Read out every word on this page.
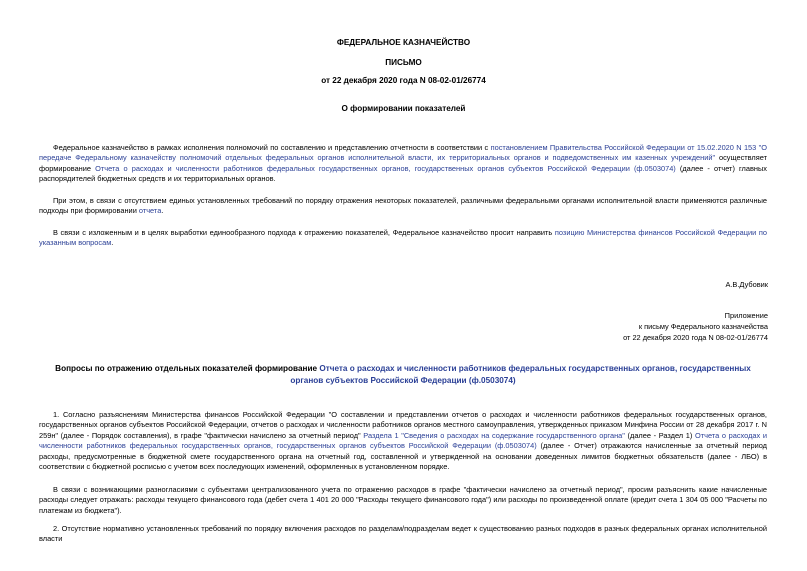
ФЕДЕРАЛЬНОЕ КАЗНАЧЕЙСТВО
ПИСЬМО
от 22 декабря 2020 года N 08-02-01/26774
О формировании показателей
Федеральное казначейство в рамках исполнения полномочий по составлению и представлению отчетности в соответствии с постановлением Правительства Российской Федерации от 15.02.2020 N 153 "О передаче Федеральному казначейству полномочий отдельных федеральных органов исполнительной власти, их территориальных органов и подведомственных им казенных учреждений" осуществляет формирование Отчета о расходах и численности работников федеральных государственных органов, государственных органов субъектов Российской Федерации (ф.0503074) (далее - отчет) главных распорядителей бюджетных средств и их территориальных органов.
При этом, в связи с отсутствием единых установленных требований по порядку отражения некоторых показателей, различными федеральными органами исполнительной власти применяются различные подходы при формировании отчета.
В связи с изложенным и в целях выработки единообразного подхода к отражению показателей, Федеральное казначейство просит направить позицию Министерства финансов Российской Федерации по указанным вопросам.
А.В.Дубовик
Приложение
к письму Федерального казначейства
от 22 декабря 2020 года N 08-02-01/26774
Вопросы по отражению отдельных показателей формирование Отчета о расходах и численности работников федеральных государственных органов, государственных органов субъектов Российской Федерации (ф.0503074)
1. Согласно разъяснениям Министерства финансов Российской Федерации "О составлении и представлении отчетов о расходах и численности работников федеральных государственных органов, государственных органов субъектов Российской Федерации, отчетов о расходах и численности работников органов местного самоуправления, утвержденных приказом Минфина России от 28 декабря 2017 г. N 259н" (далее - Порядок составления), в графе "фактически начислено за отчетный период" Раздела 1 "Сведения о расходах на содержание государственного органа" (далее - Раздел 1) Отчета о расходах и численности работников федеральных государственных органов, государственных органов субъектов Российской Федерации (ф.0503074) (далее - Отчет) отражаются начисленные за отчетный период расходы, предусмотренные в бюджетной смете государственного органа на отчетный год, составленной и утвержденной на основании доведенных лимитов бюджетных обязательств (далее - ЛБО) в соответствии с бюджетной росписью с учетом всех последующих изменений, оформленных в установленном порядке.
В связи с возникающими разногласиями с субъектами централизованного учета по отражению расходов в графе "фактически начислено за отчетный период", просим разъяснить какие начисленные расходы следует отражать: расходы текущего финансового года (дебет счета 1 401 20 000 "Расходы текущего финансового года") или расходы по произведенной оплате (кредит счета 1 304 05 000 "Расчеты по платежам из бюджета").
2. Отсутствие нормативно установленных требований по порядку включения расходов по разделам/подразделам ведет к существованию разных подходов в разных федеральных органах исполнительной власти
